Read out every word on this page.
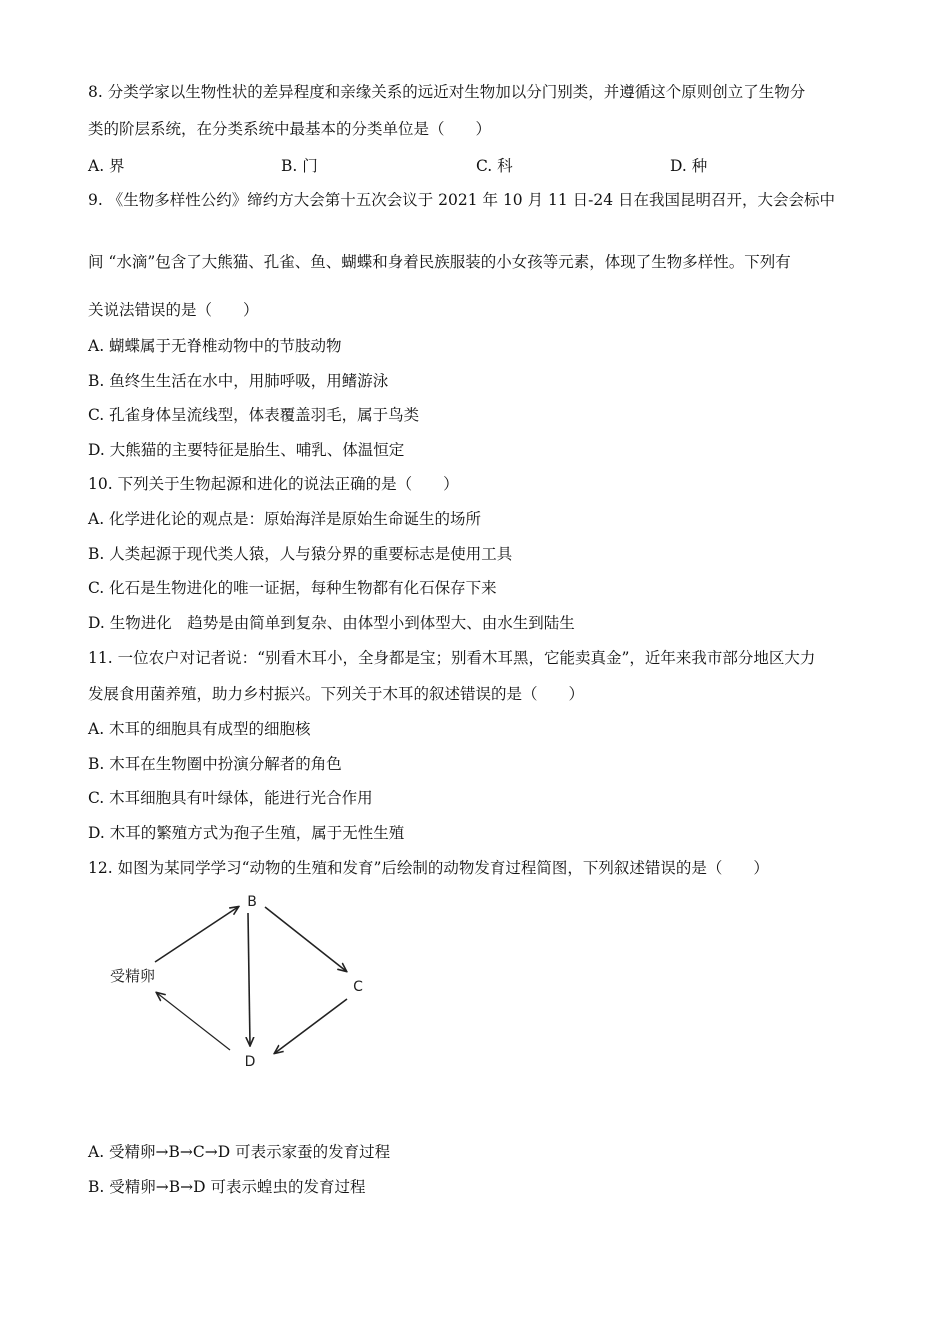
8. 分类学家以生物性状的差异程度和亲缘关系的远近对生物加以分门别类，并遵循这个原则创立了生物分
类的阶层系统，在分类系统中最基本的分类单位是（　　）
A. 界	B. 门	C. 科	D. 种
9. 《生物多样性公约》缔约方大会第十五次会议于 2021 年 10 月 11 日-24 日在我国昆明召开，大会会标中
间 “水滴”包含了大熊猫、孔雀、鱼、蝴蝶和身着民族服装的小女孩等元素，体现了生物多样性。下列有
关说法错误的是（　　）
A. 蝴蝶属于无脊椎动物中的节肢动物
B. 鱼终生生活在水中，用肺呼吸，用鳍游泳
C. 孔雀身体呈流线型，体表覆盖羽毛，属于鸟类
D. 大熊猫的主要特征是胎生、哺乳、体温恒定
10. 下列关于生物起源和进化的说法正确的是（　　）
A. 化学进化论的观点是：原始海洋是原始生命诞生的场所
B. 人类起源于现代类人猿，人与猿分界的重要标志是使用工具
C. 化石是生物进化的唯一证据，每种生物都有化石保存下来
D. 生物进化　趋势是由简单到复杂、由体型小到体型大、由水生到陆生
11. 一位农户对记者说：“别看木耳小，全身都是宝；别看木耳黑，它能卖真金”，近年来我市部分地区大力
发展食用菌养殖，助力乡村振兴。下列关于木耳的叙述错误的是（　　）
A. 木耳的细胞具有成型的细胞核
B. 木耳在生物圈中扮演分解者的角色
C. 木耳细胞具有叶绿体，能进行光合作用
D. 木耳的繁殖方式为孢子生殖，属于无性生殖
12. 如图为某同学学习“动物的生殖和发育”后绘制的动物发育过程简图，下列叙述错误的是（　　）
B
C
D
受精卵
A. 受精卵→B→C→D 可表示家蚕的发育过程
B. 受精卵→B→D 可表示蝗虫的发育过程
